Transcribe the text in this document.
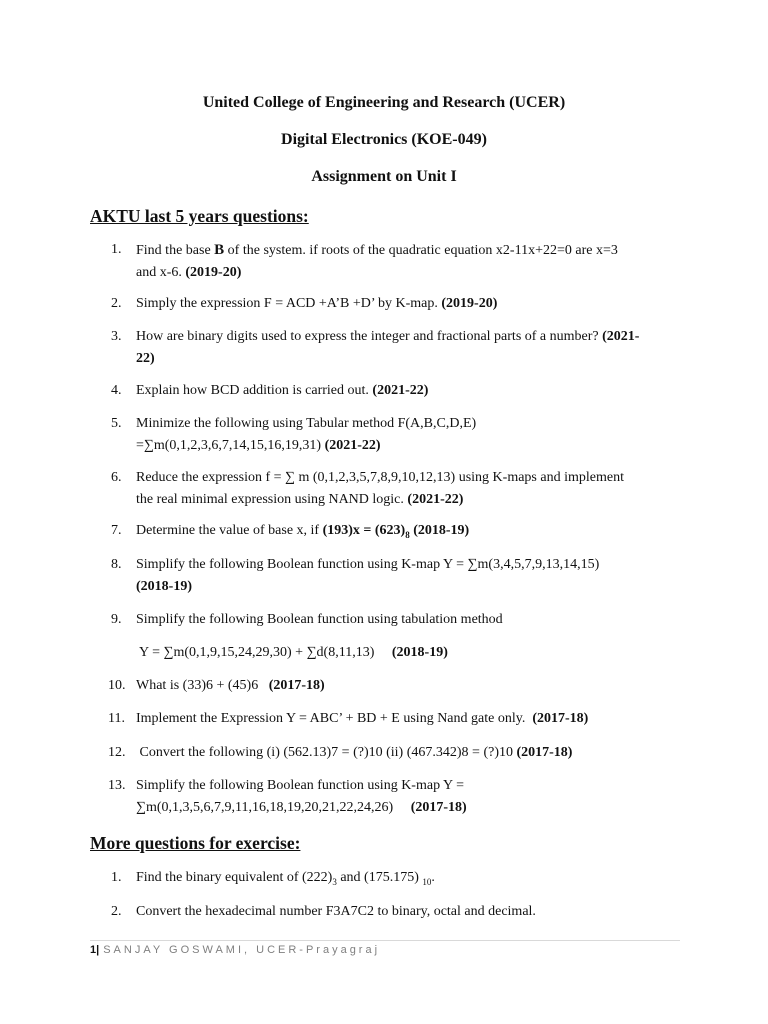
United College of Engineering and Research (UCER)
Digital Electronics (KOE-049)
Assignment on Unit I
AKTU last 5 years questions:
1. Find the base B of the system. if roots of the quadratic equation x2-11x+22=0 are x=3
and x-6. (2019-20)
2. Simply the expression F = ACD +A’B +D’ by K-map. (2019-20)
3. How are binary digits used to express the integer and fractional parts of a number? (2021-
22)
4. Explain how BCD addition is carried out. (2021-22)
5. Minimize the following using Tabular method F(A,B,C,D,E)
=∑m(0,1,2,3,6,7,14,15,16,19,31) (2021-22)
6. Reduce the expression f = ∑ m (0,1,2,3,5,7,8,9,10,12,13) using K-maps and implement
the real minimal expression using NAND logic. (2021-22)
7. Determine the value of base x, if $(193)x = (623)_8$ (2018-19)
8. Simplify the following Boolean function using K-map Y = ∑m(3,4,5,7,9,13,14,15)
(2018-19)
9. Simplify the following Boolean function using tabulation method
Y = ∑m(0,1,9,15,24,29,30) + ∑d(8,11,13)     (2018-19)
10. What is (33)6 + (45)6   (2017-18)
11. Implement the Expression Y = ABC’ + BD + E using Nand gate only.  (2017-18)
12. Convert the following (i) (562.13)7 = (?)10 (ii) (467.342)8 = (?)10 (2017-18)
13. Simplify the following Boolean function using K-map Y =
∑m(0,1,3,5,6,7,9,11,16,18,19,20,21,22,24,26)     (2017-18)
More questions for exercise:
1. Find the binary equivalent of $(222)_3$ and (175.175) $_{10}$.
2. Convert the hexadecimal number F3A7C2 to binary, octal and decimal.
1| SANJAY GOSWAMI, UCER-Prayagraj
